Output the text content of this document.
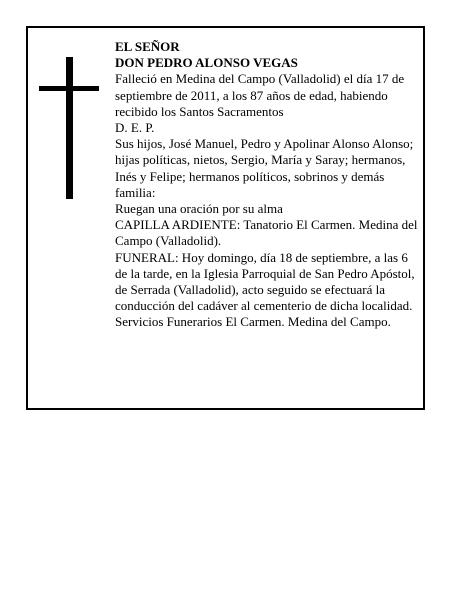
EL SEÑOR

DON PEDRO ALONSO VEGAS

Falleció en Medina del Campo (Valladolid) el día 17 de septiembre de 2011, a los 87 años de edad, habiendo recibido los Santos Sacramentos

D. E. P.

Sus hijos, José Manuel, Pedro y Apolinar Alonso Alonso; hijas políticas, nietos, Sergio, María y Saray; hermanos, Inés y Felipe; hermanos políticos, sobrinos y demás familia:

Ruegan una oración por su alma

CAPILLA ARDIENTE: Tanatorio El Carmen. Medina del Campo (Valladolid).

FUNERAL: Hoy domingo, día 18 de septiembre, a las 6 de la tarde, en la Iglesia Parroquial de San Pedro Apóstol, de Serrada (Valladolid), acto seguido se efectuará la conducción del cadáver al cementerio de dicha localidad.

Servicios Funerarios El Carmen. Medina del Campo.
